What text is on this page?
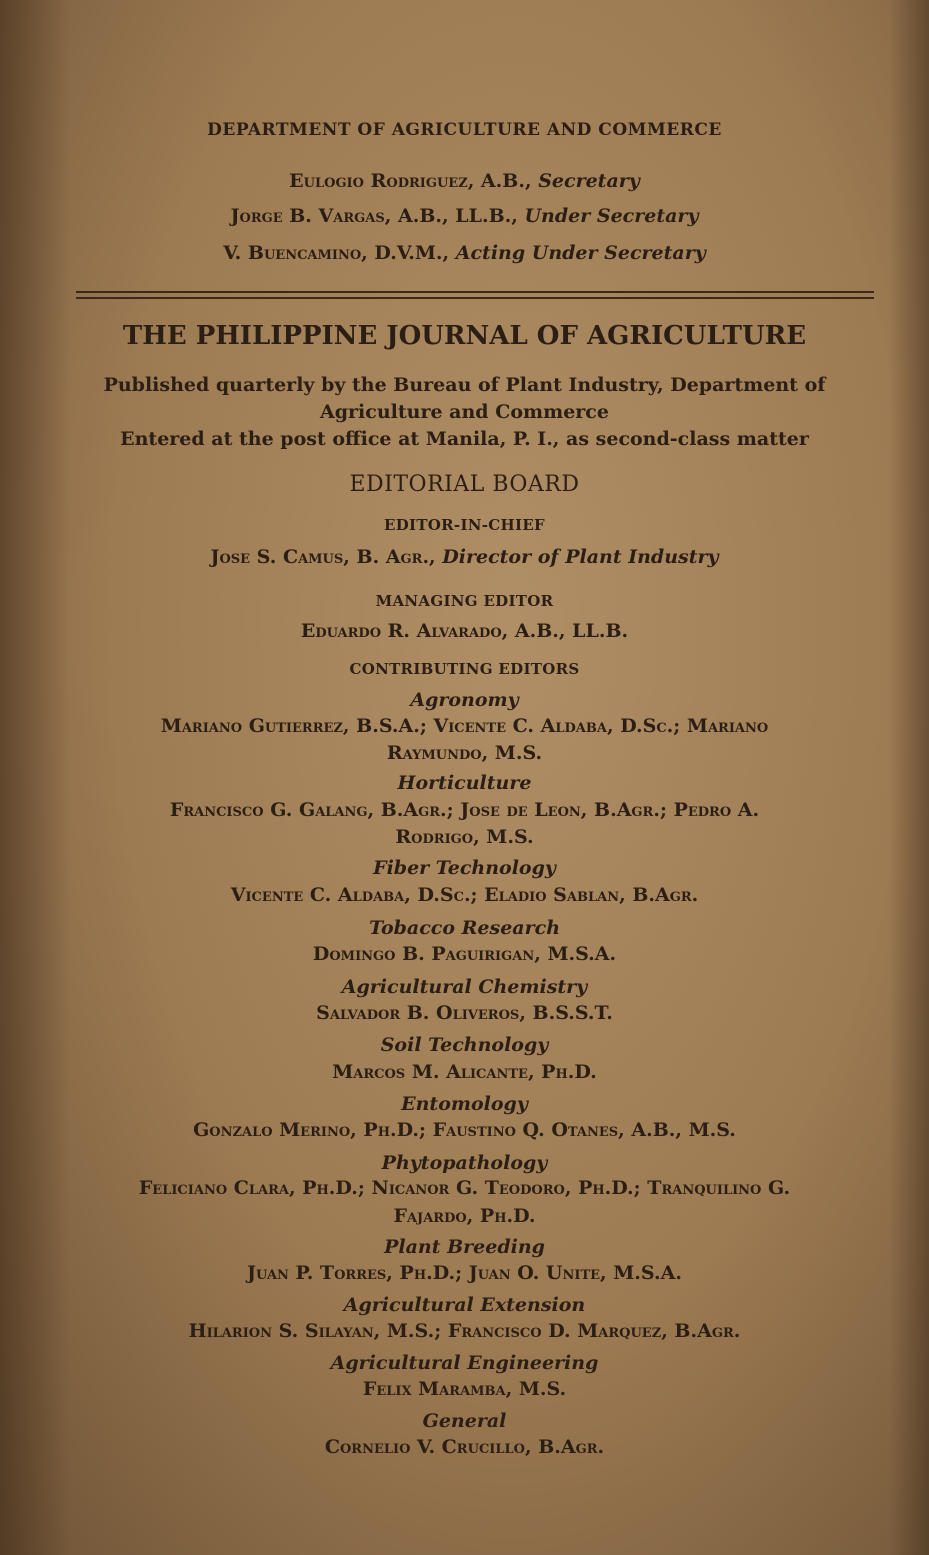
DEPARTMENT OF AGRICULTURE AND COMMERCE
Eulogio Rodriguez, A.B., Secretary
Jorge B. Vargas, A.B., LL.B., Under Secretary
V. Buencamino, D.V.M., Acting Under Secretary
THE PHILIPPINE JOURNAL OF AGRICULTURE
Published quarterly by the Bureau of Plant Industry, Department of
Agriculture and Commerce
Entered at the post office at Manila, P. I., as second-class matter
EDITORIAL BOARD
EDITOR-IN-CHIEF
Jose S. Camus, B. Agr., Director of Plant Industry
MANAGING EDITOR
Eduardo R. Alvarado, A.B., LL.B.
CONTRIBUTING EDITORS
Agronomy
Mariano Gutierrez, B.S.A.; Vicente C. Aldaba, D.Sc.; Mariano
Raymundo, M.S.
Horticulture
Francisco G. Galang, B.Agr.; Jose de Leon, B.Agr.; Pedro A.
Rodrigo, M.S.
Fiber Technology
Vicente C. Aldaba, D.Sc.; Eladio Sablan, B.Agr.
Tobacco Research
Domingo B. Paguirigan, M.S.A.
Agricultural Chemistry
Salvador B. Oliveros, B.S.S.T.
Soil Technology
Marcos M. Alicante, Ph.D.
Entomology
Gonzalo Merino, Ph.D.; Faustino Q. Otanes, A.B., M.S.
Phytopathology
Feliciano Clara, Ph.D.; Nicanor G. Teodoro, Ph.D.; Tranquilino G.
Fajardo, Ph.D.
Plant Breeding
Juan P. Torres, Ph.D.; Juan O. Unite, M.S.A.
Agricultural Extension
Hilarion S. Silayan, M.S.; Francisco D. Marquez, B.Agr.
Agricultural Engineering
Felix Maramba, M.S.
General
Cornelio V. Crucillo, B.Agr.
